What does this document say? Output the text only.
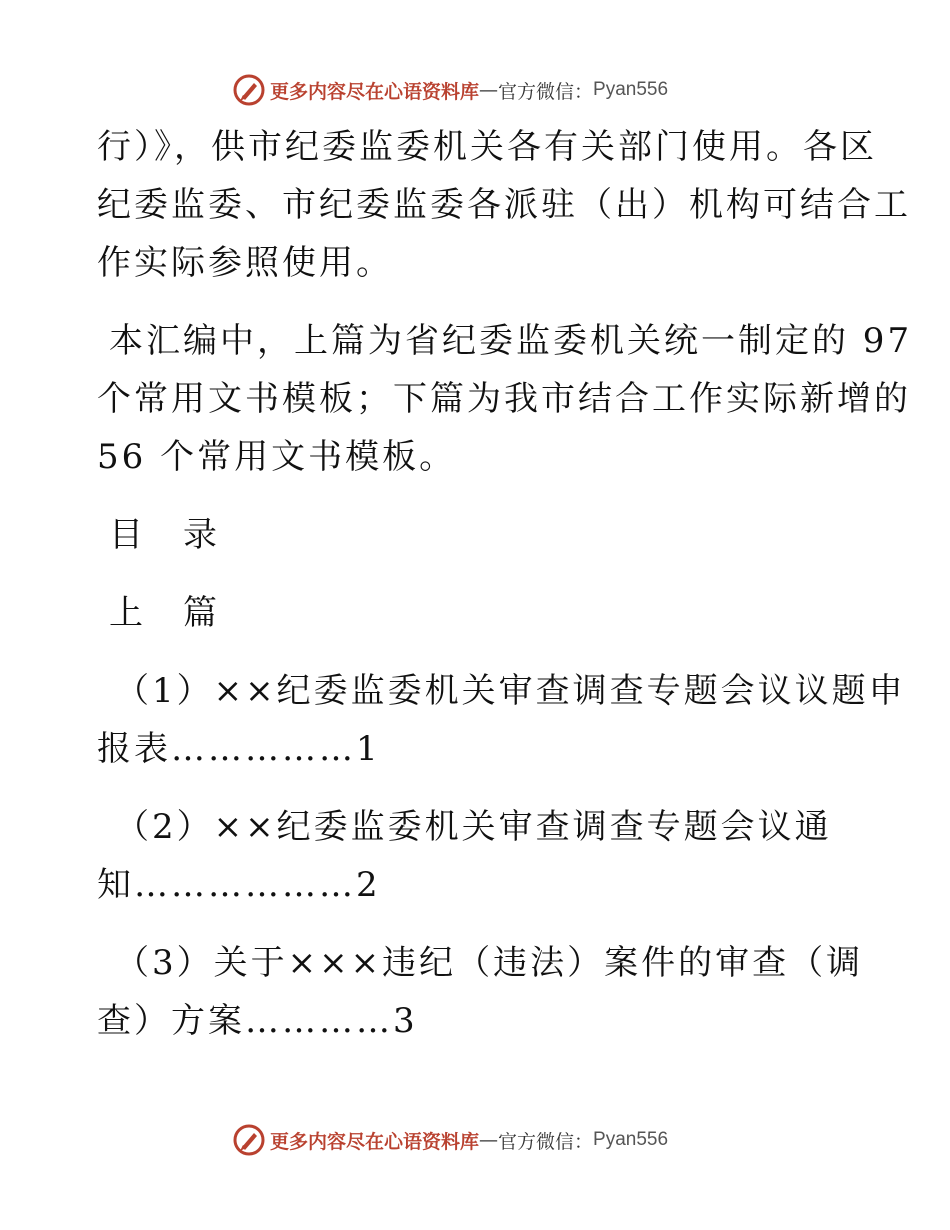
更多内容尽在心语资料库 — 官方微信： Pyan556
行）》，供市纪委监委机关各有关部门使用。各区
纪委监委、市纪委监委各派驻（出）机构可结合工
作实际参照使用。
本汇编中，上篇为省纪委监委机关统一制定的 97
个常用文书模板；下篇为我市结合工作实际新增的
56 个常用文书模板。
目　录
上　篇
（1）××纪委监委机关审查调查专题会议议题申
报表……………1
（2）××纪委监委机关审查调查专题会议通
知………………2
（3）关于×××违纪（违法）案件的审查（调
查）方案…………3
更多内容尽在心语资料库 — 官方微信： Pyan556
